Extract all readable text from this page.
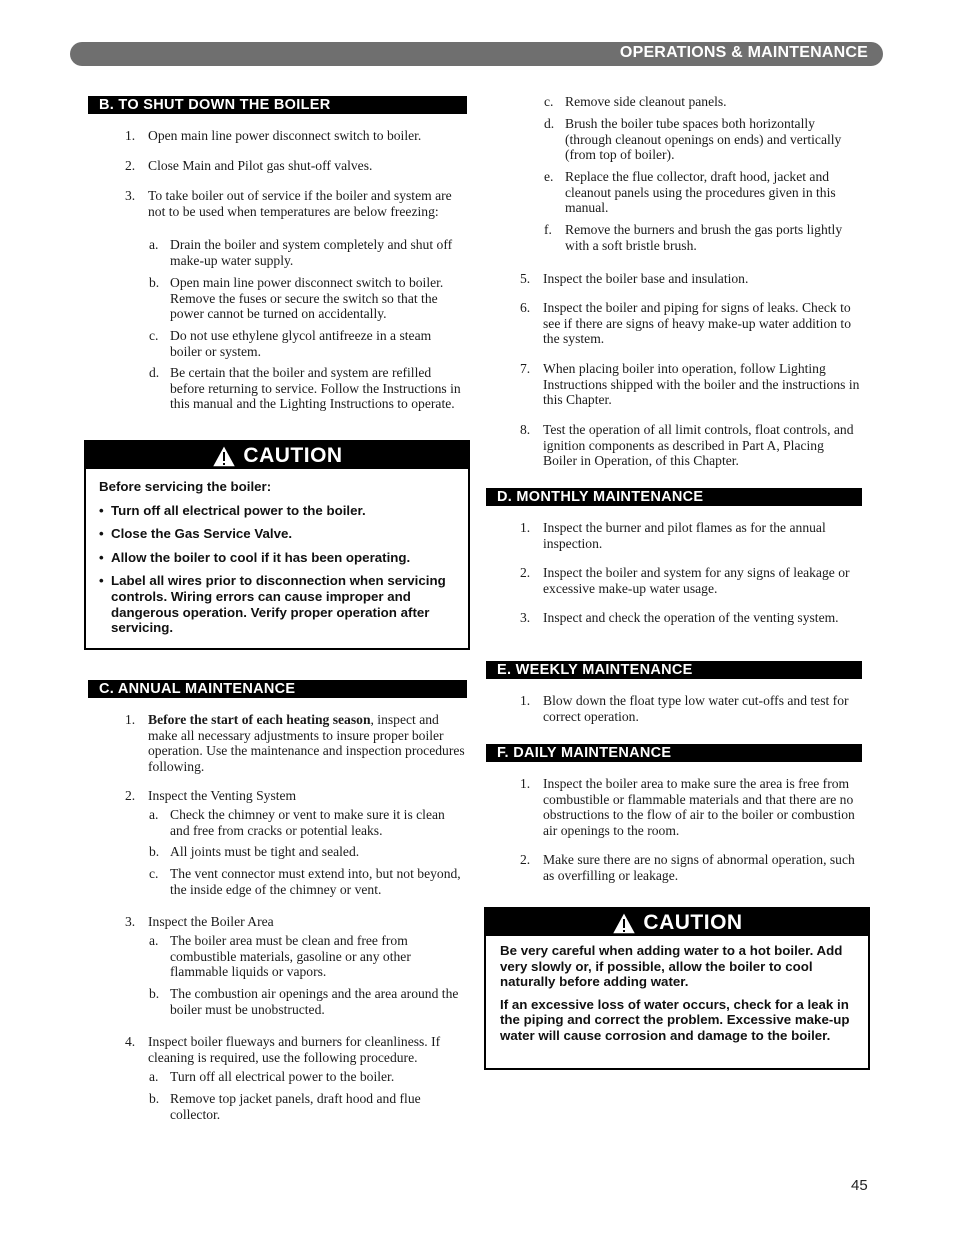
OPERATIONS & MAINTENANCE
B. TO SHUT DOWN THE BOILER
1. Open main line power disconnect switch to boiler.
2. Close Main and Pilot gas shut-off valves.
3. To take boiler out of service if the boiler and system are not to be used when temperatures are below freezing:
a. Drain the boiler and system completely and shut off make-up water supply.
b. Open main line power disconnect switch to boiler. Remove the fuses or secure the switch so that the power cannot be turned on accidentally.
c. Do not use ethylene glycol antifreeze in a steam boiler or system.
d. Be certain that the boiler and system are refilled before returning to service. Follow the Instructions in this manual and the Lighting Instructions to operate.
CAUTION
Before servicing the boiler:
• Turn off all electrical power to the boiler.
• Close the Gas Service Valve.
• Allow the boiler to cool if it has been operating.
• Label all wires prior to disconnection when servicing controls. Wiring errors can cause improper and dangerous operation. Verify proper operation after servicing.
C. ANNUAL MAINTENANCE
1. Before the start of each heating season, inspect and make all necessary adjustments to insure proper boiler operation. Use the maintenance and inspection procedures following.
2. Inspect the Venting System
a. Check the chimney or vent to make sure it is clean and free from cracks or potential leaks.
b. All joints must be tight and sealed.
c. The vent connector must extend into, but not beyond, the inside edge of the chimney or vent.
3. Inspect the Boiler Area
a. The boiler area must be clean and free from combustible materials, gasoline or any other flammable liquids or vapors.
b. The combustion air openings and the area around the boiler must be unobstructed.
4. Inspect boiler flueways and burners for cleanliness. If cleaning is required, use the following procedure.
a. Turn off all electrical power to the boiler.
b. Remove top jacket panels, draft hood and flue collector.
c. Remove side cleanout panels.
d. Brush the boiler tube spaces both horizontally (through cleanout openings on ends) and vertically (from top of boiler).
e. Replace the flue collector, draft hood, jacket and cleanout panels using the procedures given in this manual.
f. Remove the burners and brush the gas ports lightly with a soft bristle brush.
5. Inspect the boiler base and insulation.
6. Inspect the boiler and piping for signs of leaks. Check to see if there are signs of heavy make-up water addition to the system.
7. When placing boiler into operation, follow Lighting Instructions shipped with the boiler and the instructions in this Chapter.
8. Test the operation of all limit controls, float controls, and ignition components as described in Part A, Placing Boiler in Operation, of this Chapter.
D. MONTHLY MAINTENANCE
1. Inspect the burner and pilot flames as for the annual inspection.
2. Inspect the boiler and system for any signs of leakage or excessive make-up water usage.
3. Inspect and check the operation of the venting system.
E. WEEKLY MAINTENANCE
1. Blow down the float type low water cut-offs and test for correct operation.
F. DAILY MAINTENANCE
1. Inspect the boiler area to make sure the area is free from combustible or flammable materials and that there are no obstructions to the flow of air to the boiler or combustion air openings to the room.
2. Make sure there are no signs of abnormal operation, such as overfilling or leakage.
CAUTION
Be very careful when adding water to a hot boiler. Add very slowly or, if possible, allow the boiler to cool naturally before adding water.
If an excessive loss of water occurs, check for a leak in the piping and correct the problem. Excessive make-up water will cause corrosion and damage to the boiler.
45
